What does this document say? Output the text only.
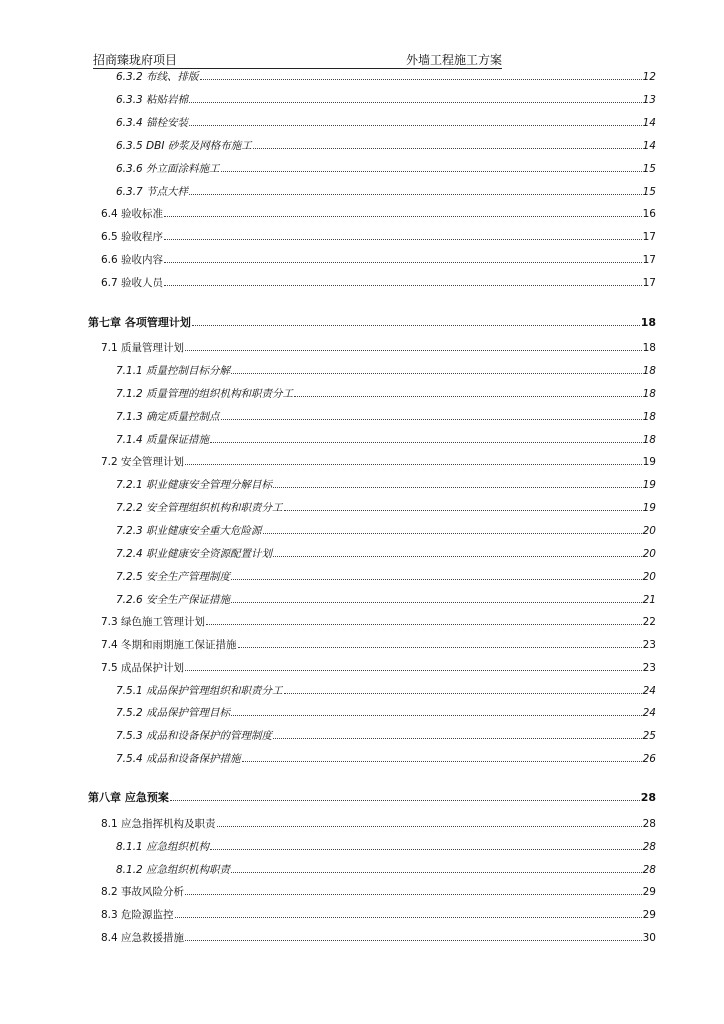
招商臻珑府项目	外墙工程施工方案
6.3.2 布线、排版	12
6.3.3 粘贴岩棉	13
6.3.4 锚栓安装	14
6.3.5 DBI 砂浆及网格布施工	14
6.3.6 外立面涂料施工	15
6.3.7 节点大样	15
6.4 验收标准	16
6.5 验收程序	17
6.6 验收内容	17
6.7 验收人员	17
第七章 各项管理计划	18
7.1 质量管理计划	18
7.1.1 质量控制目标分解	18
7.1.2 质量管理的组织机构和职责分工	18
7.1.3 确定质量控制点	18
7.1.4 质量保证措施	18
7.2 安全管理计划	19
7.2.1 职业健康安全管理分解目标	19
7.2.2 安全管理组织机构和职责分工	19
7.2.3 职业健康安全重大危险源	20
7.2.4 职业健康安全资源配置计划	20
7.2.5 安全生产管理制度	20
7.2.6 安全生产保证措施	21
7.3 绿色施工管理计划	22
7.4 冬期和雨期施工保证措施	23
7.5 成品保护计划	23
7.5.1 成品保护管理组织和职责分工	24
7.5.2 成品保护管理目标	24
7.5.3 成品和设备保护的管理制度	25
7.5.4 成品和设备保护措施	26
第八章 应急预案	28
8.1 应急指挥机构及职责	28
8.1.1 应急组织机构	28
8.1.2 应急组织机构职责	28
8.2 事故风险分析	29
8.3 危险源监控	29
8.4 应急救援措施	30
